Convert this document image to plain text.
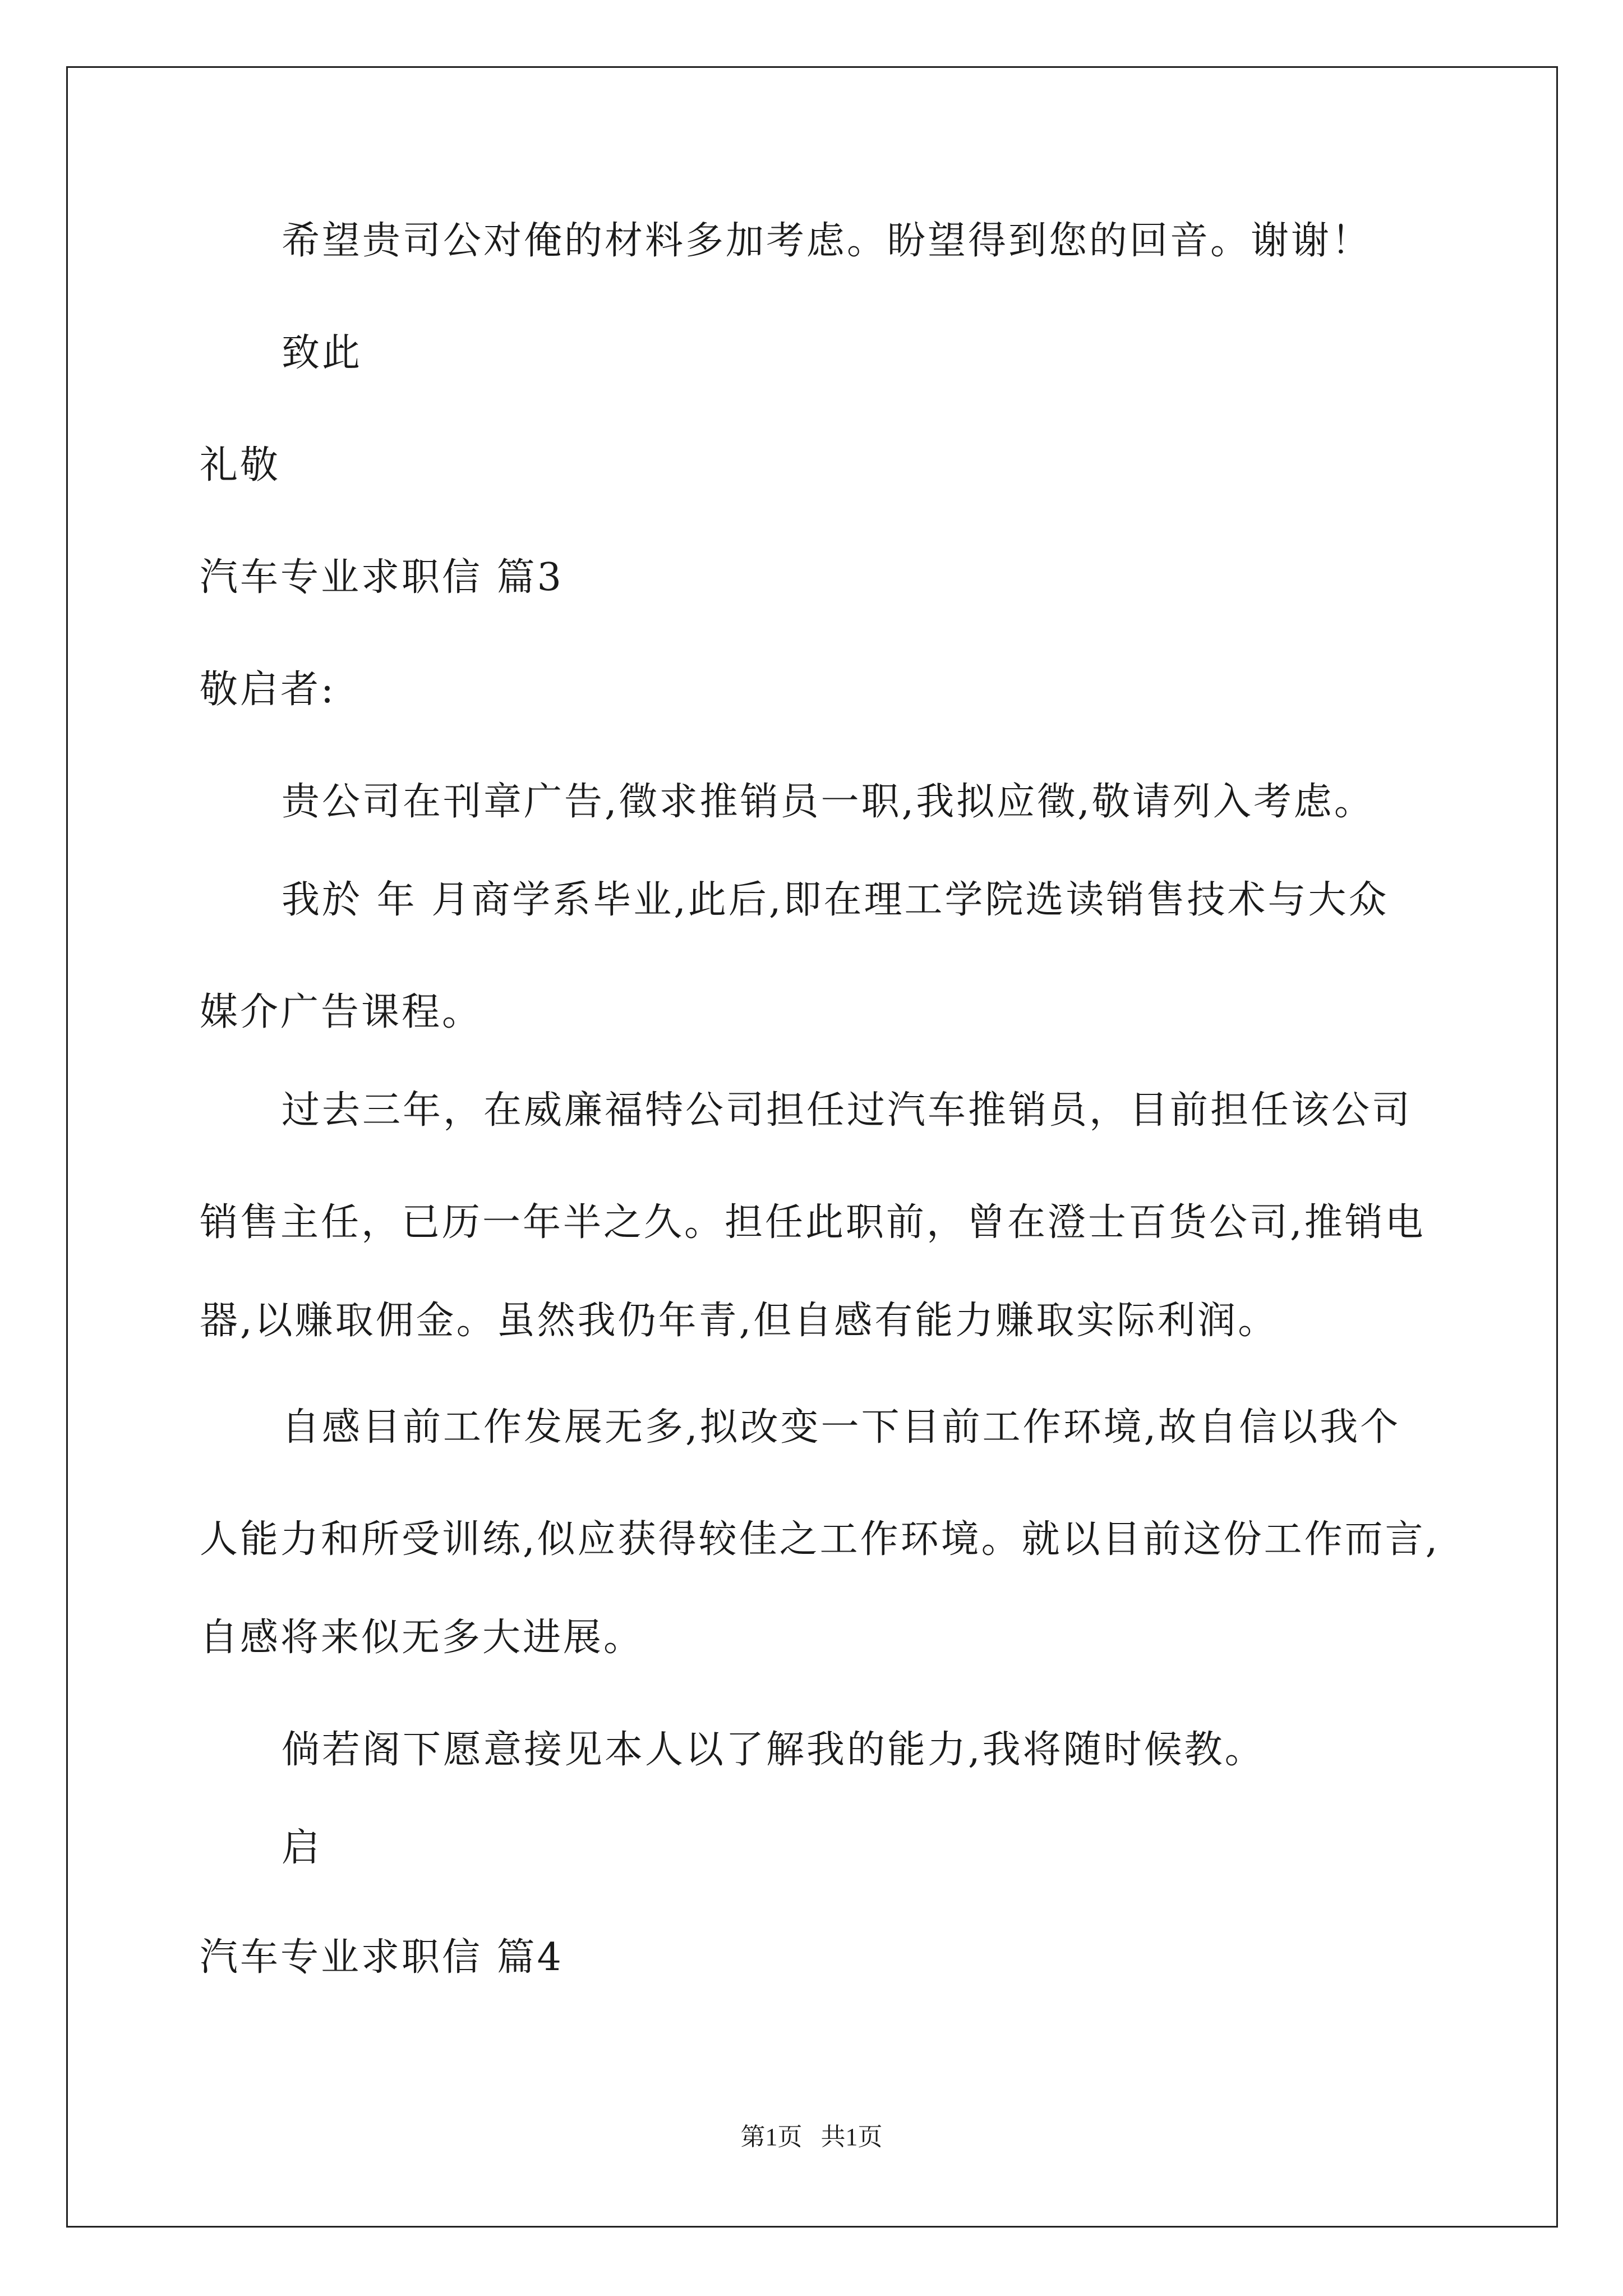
希望贵司公对俺的材料多加考虑。盼望得到您的回音。谢谢！
致此
礼敬
汽车专业求职信 篇3
敬启者:
贵公司在刊章广告,徵求推销员一职,我拟应徵,敬请列入考虑。
我於 年 月商学系毕业,此后,即在理工学院选读销售技术与大众
媒介广告课程。
过去三年，在威廉福特公司担任过汽车推销员，目前担任该公司
销售主任，已历一年半之久。担任此职前，曾在澄士百货公司,推销电
器,以赚取佣金。虽然我仍年青,但自感有能力赚取实际利润。
自感目前工作发展无多,拟改变一下目前工作环境,故自信以我个
人能力和所受训练,似应获得较佳之工作环境。就以目前这份工作而言,
自感将来似无多大进展。
倘若阁下愿意接见本人以了解我的能力,我将随时候教。
启
汽车专业求职信 篇4
第1页   共1页
